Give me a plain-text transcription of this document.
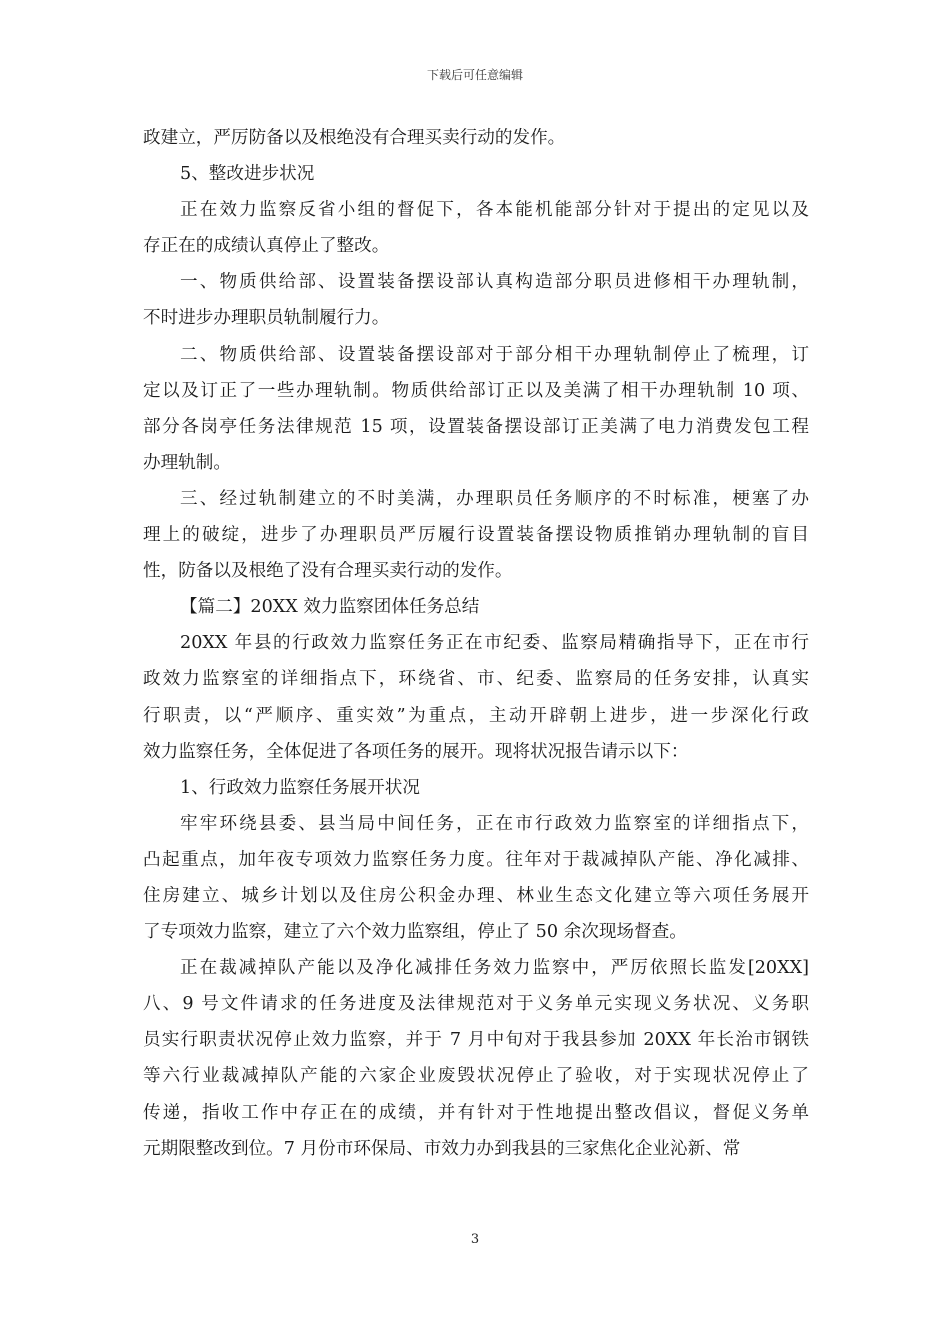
下载后可任意编辑
政建立，严厉防备以及根绝没有合理买卖行动的发作。
5、整改进步状况
正在效力监察反省小组的督促下，各本能机能部分针对于提出的定见以及
存正在的成绩认真停止了整改。
一、物质供给部、设置装备摆设部认真构造部分职员进修相干办理轨制，
不时进步办理职员轨制履行力。
二、物质供给部、设置装备摆设部对于部分相干办理轨制停止了梳理，订
定以及订正了一些办理轨制。物质供给部订正以及美满了相干办理轨制 10 项、
部分各岗亭任务法律规范 15 项，设置装备摆设部订正美满了电力消费发包工程
办理轨制。
三、经过轨制建立的不时美满，办理职员任务顺序的不时标准，梗塞了办
理上的破绽，进步了办理职员严厉履行设置装备摆设物质推销办理轨制的盲目
性，防备以及根绝了没有合理买卖行动的发作。
【篇二】20XX 效力监察团体任务总结
20XX 年县的行政效力监察任务正在市纪委、监察局精确指导下，正在市行
政效力监察室的详细指点下，环绕省、市、纪委、监察局的任务安排，认真实
行职责，以“严顺序、重实效”为重点，主动开辟朝上进步，进一步深化行政
效力监察任务，全体促进了各项任务的展开。现将状况报告请示以下：
1、行政效力监察任务展开状况
牢牢环绕县委、县当局中间任务，正在市行政效力监察室的详细指点下，
凸起重点，加年夜专项效力监察任务力度。往年对于裁减掉队产能、净化减排、
住房建立、城乡计划以及住房公积金办理、林业生态文化建立等六项任务展开
了专项效力监察，建立了六个效力监察组，停止了 50 余次现场督查。
正在裁减掉队产能以及净化减排任务效力监察中，严厉依照长监发[20XX]
八、9 号文件请求的任务进度及法律规范对于义务单元实现义务状况、义务职
员实行职责状况停止效力监察，并于 7 月中旬对于我县参加 20XX 年长治市钢铁
等六行业裁减掉队产能的六家企业废毁状况停止了验收，对于实现状况停止了
传递，指收工作中存正在的成绩，并有针对于性地提出整改倡议，督促义务单
元期限整改到位。7 月份市环保局、市效力办到我县的三家焦化企业沁新、常
3
